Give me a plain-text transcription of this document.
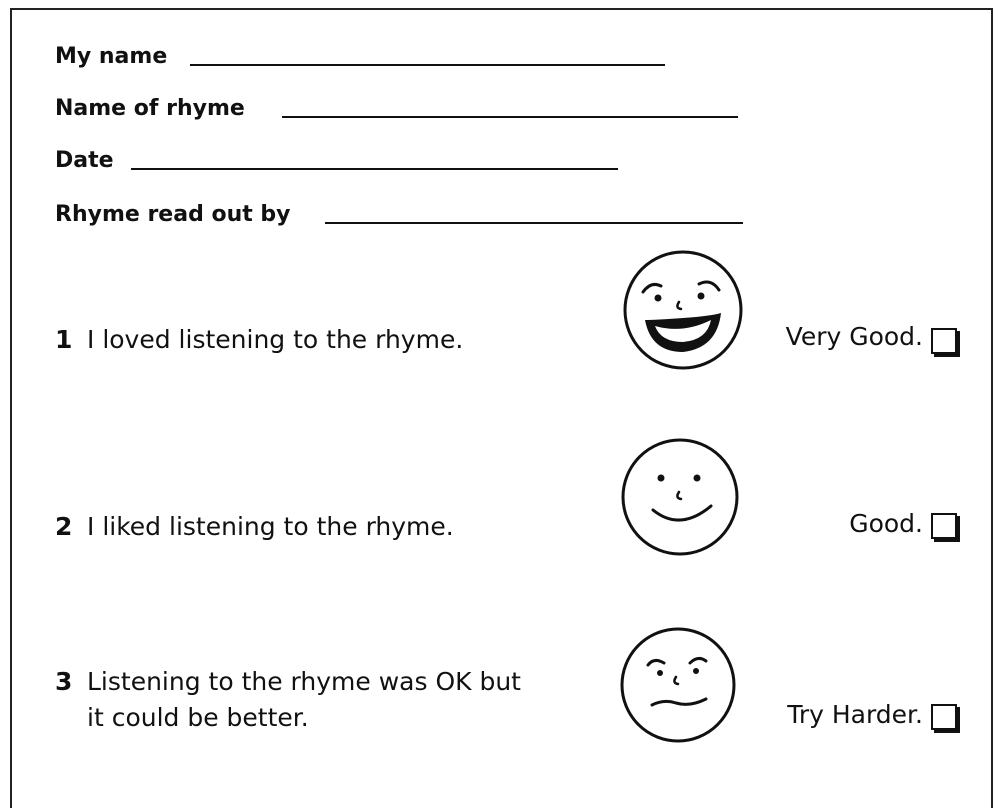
My name
Name of rhyme
Date
Rhyme read out by
1 I loved listening to the rhyme.	Very Good.
2 I liked listening to the rhyme.	Good.
3 Listening to the rhyme was OK but
it could be better.	Try Harder.
